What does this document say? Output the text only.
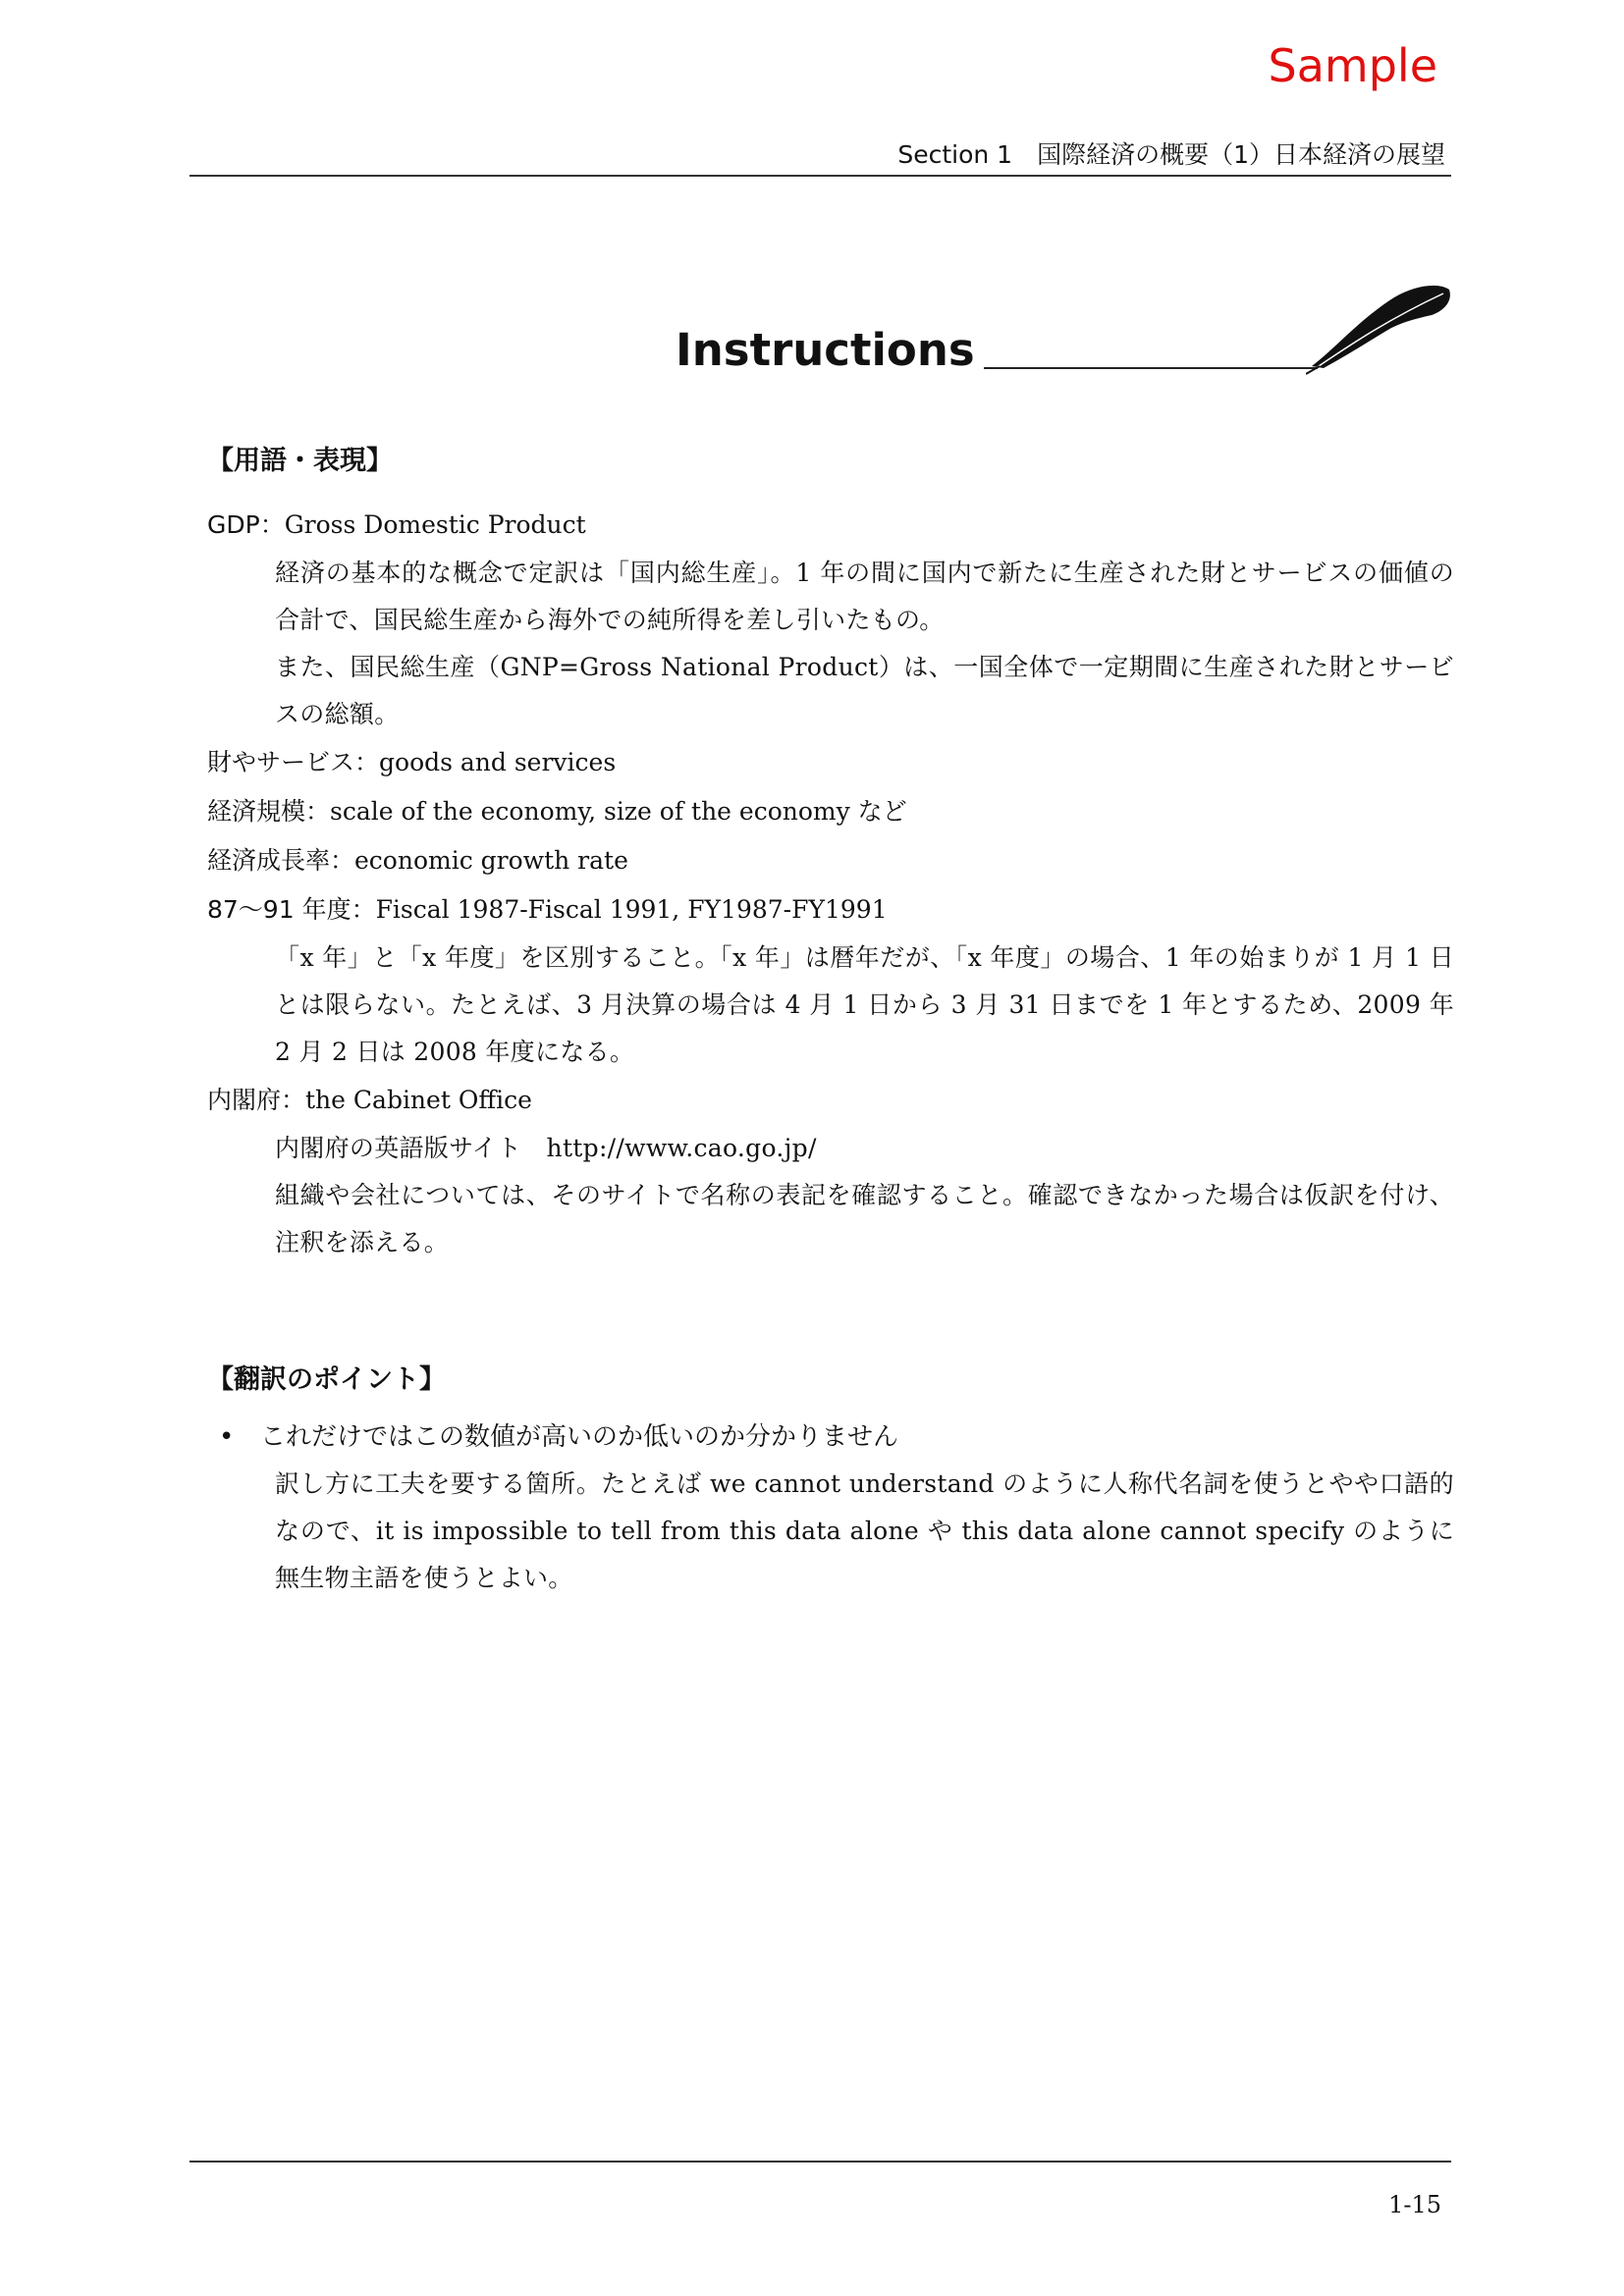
Sample
Section 1　国際経済の概要（1）日本経済の展望
Instructions
【用語・表現】
GDP：Gross Domestic Product
経済の基本的な概念で定訳は「国内総生産」。1 年の間に国内で新たに生産された財とサービスの価値の合計で、国民総生産から海外での純所得を差し引いたもの。
また、国民総生産（GNP=Gross National Product）は、一国全体で一定期間に生産された財とサービスの総額。
財やサービス：goods and services
経済規模：scale of the economy, size of the economy など
経済成長率：economic growth rate
87〜91 年度：Fiscal 1987-Fiscal 1991, FY1987-FY1991
「x 年」と「x 年度」を区別すること。「x 年」は暦年だが、「x 年度」の場合、1 年の始まりが 1 月 1 日とは限らない。たとえば、3 月決算の場合は 4 月 1 日から 3 月 31 日までを 1 年とするため、2009 年 2 月 2 日は 2008 年度になる。
内閣府：the Cabinet Office
内閣府の英語版サイト　http://www.cao.go.jp/
組織や会社については、そのサイトで名称の表記を確認すること。確認できなかった場合は仮訳を付け、注釈を添える。
【翻訳のポイント】
• これだけではこの数値が高いのか低いのか分かりません
訳し方に工夫を要する箇所。たとえば we cannot understand のように人称代名詞を使うとやや口語的なので、it is impossible to tell from this data alone や this data alone cannot specify のように無生物主語を使うとよい。
1-15
